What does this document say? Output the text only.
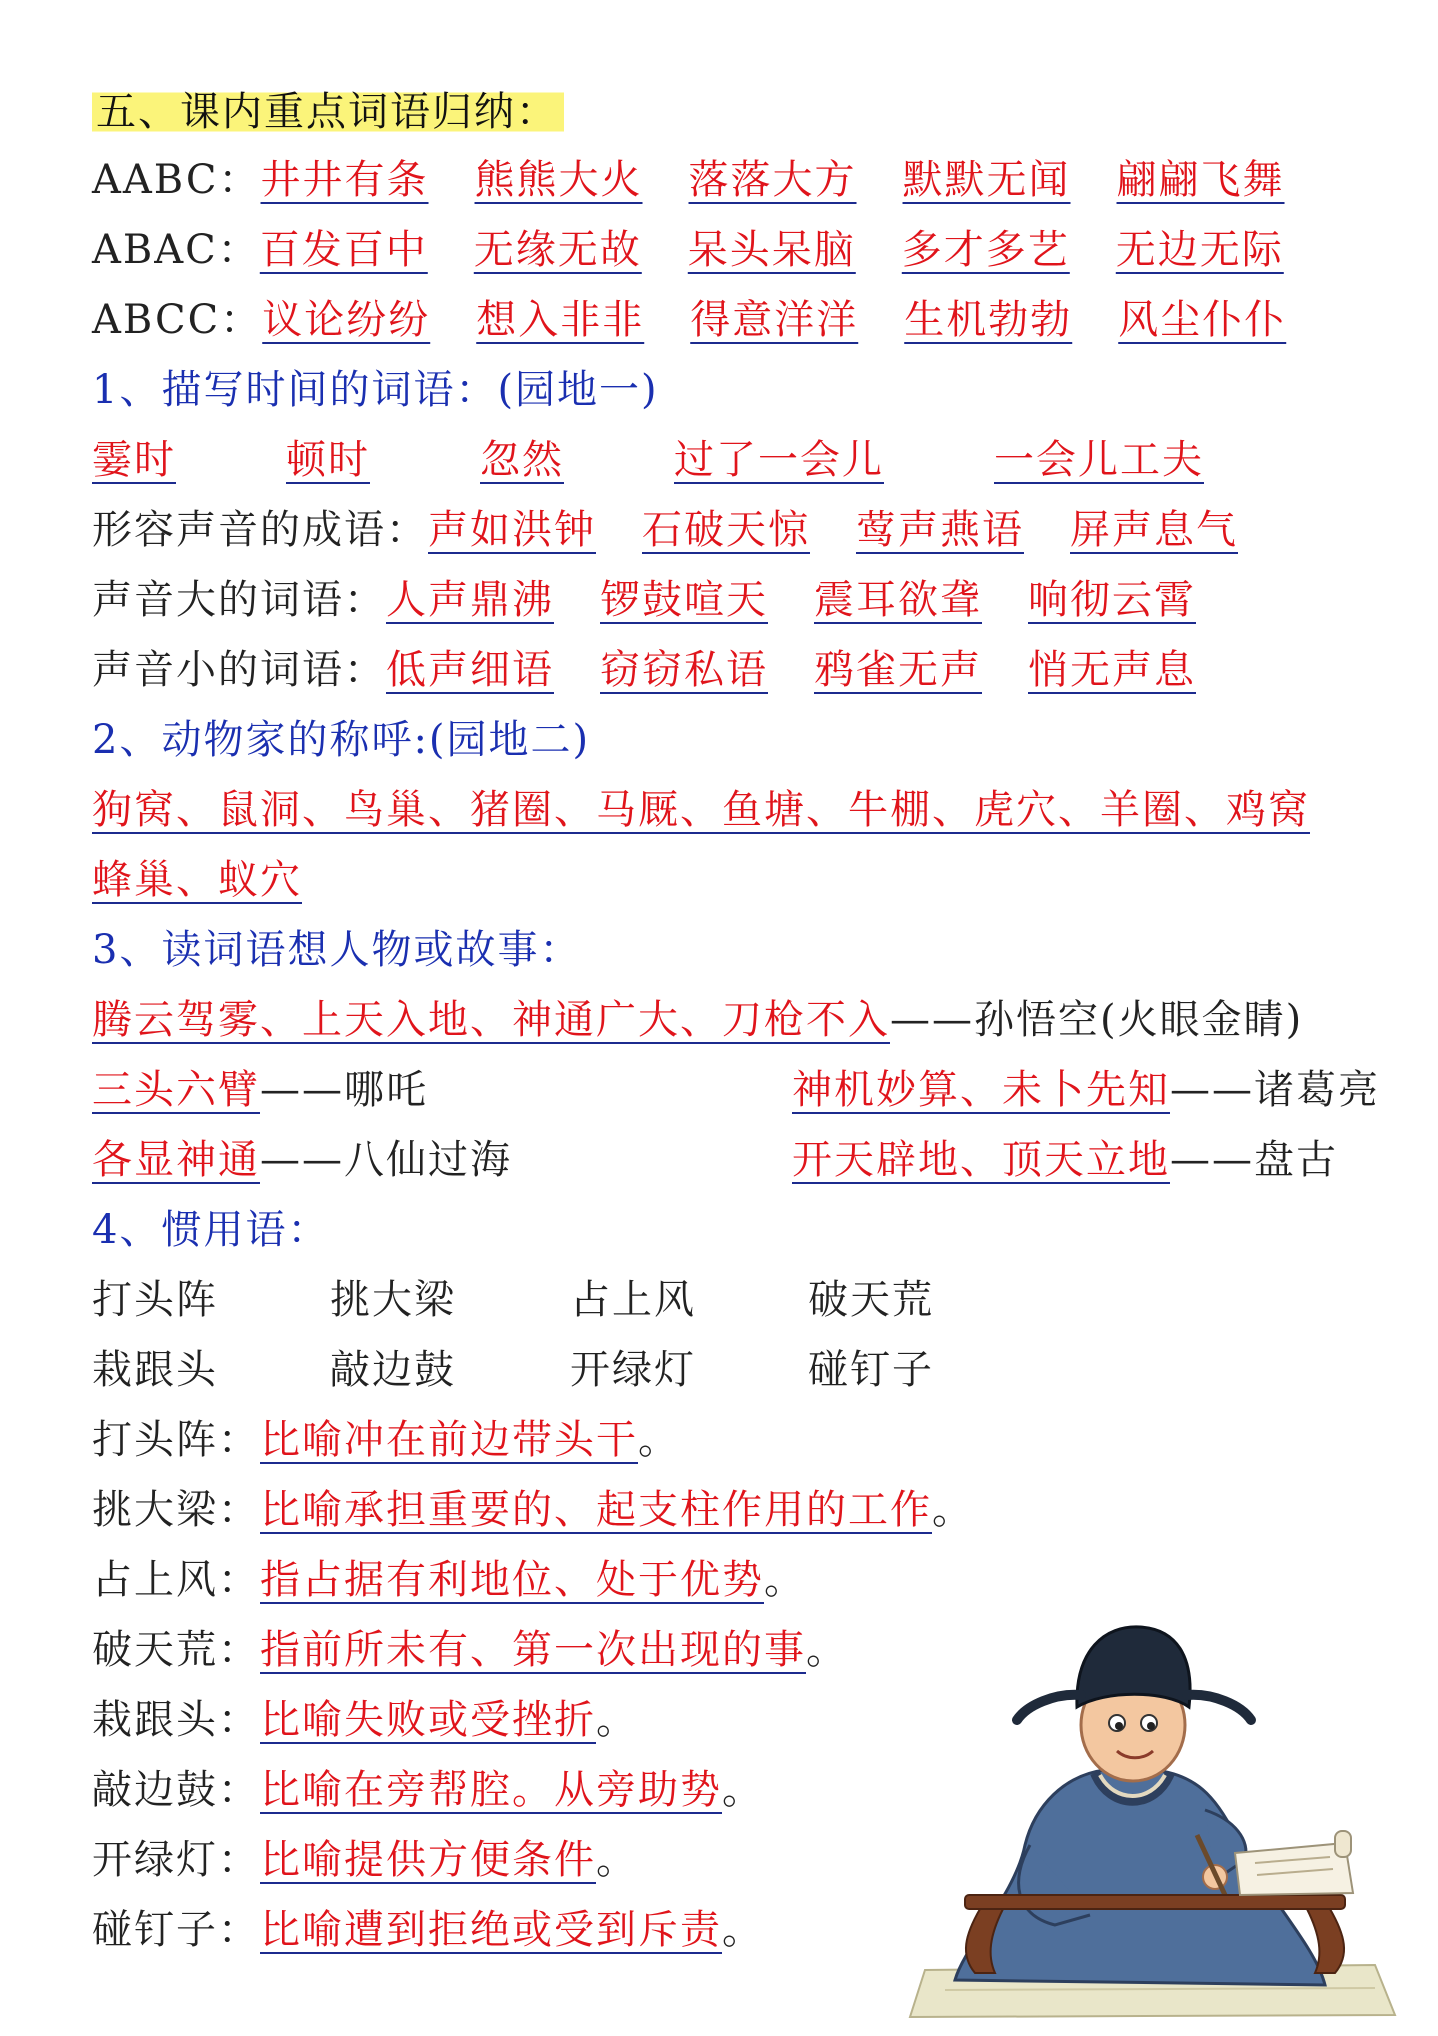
五、课内重点词语归纳：
AABC：井井有条 熊熊大火 落落大方 默默无闻 翩翩飞舞
ABAC：百发百中 无缘无故 呆头呆脑 多才多艺 无边无际
ABCC：议论纷纷 想入非非 得意洋洋 生机勃勃 风尘仆仆
1、描写时间的词语：(园地一)
霎时	顿时	忽然	过了一会儿	一会儿工夫
形容声音的成语：声如洪钟 石破天惊 莺声燕语 屏声息气
声音大的词语：人声鼎沸 锣鼓喧天 震耳欲聋 响彻云霄
声音小的词语：低声细语 窃窃私语 鸦雀无声 悄无声息
2、动物家的称呼:(园地二)
狗窝、鼠洞、鸟巢、猪圈、马厩、鱼塘、牛棚、虎穴、羊圈、鸡窝
蜂巢、蚁穴
3、读词语想人物或故事：
腾云驾雾、上天入地、神通广大、刀枪不入——孙悟空(火眼金睛)
三头六臂——哪吒	神机妙算、未卜先知——诸葛亮
各显神通——八仙过海	开天辟地、顶天立地——盘古
4、惯用语：
打头阵	挑大梁	占上风	破天荒
栽跟头	敲边鼓	开绿灯	碰钉子
打头阵：比喻冲在前边带头干。
挑大梁：比喻承担重要的、起支柱作用的工作。
占上风：指占据有利地位、处于优势。
破天荒：指前所未有、第一次出现的事。
栽跟头：比喻失败或受挫折。
敲边鼓：比喻在旁帮腔。从旁助势。
开绿灯：比喻提供方便条件。
碰钉子：比喻遭到拒绝或受到斥责。
